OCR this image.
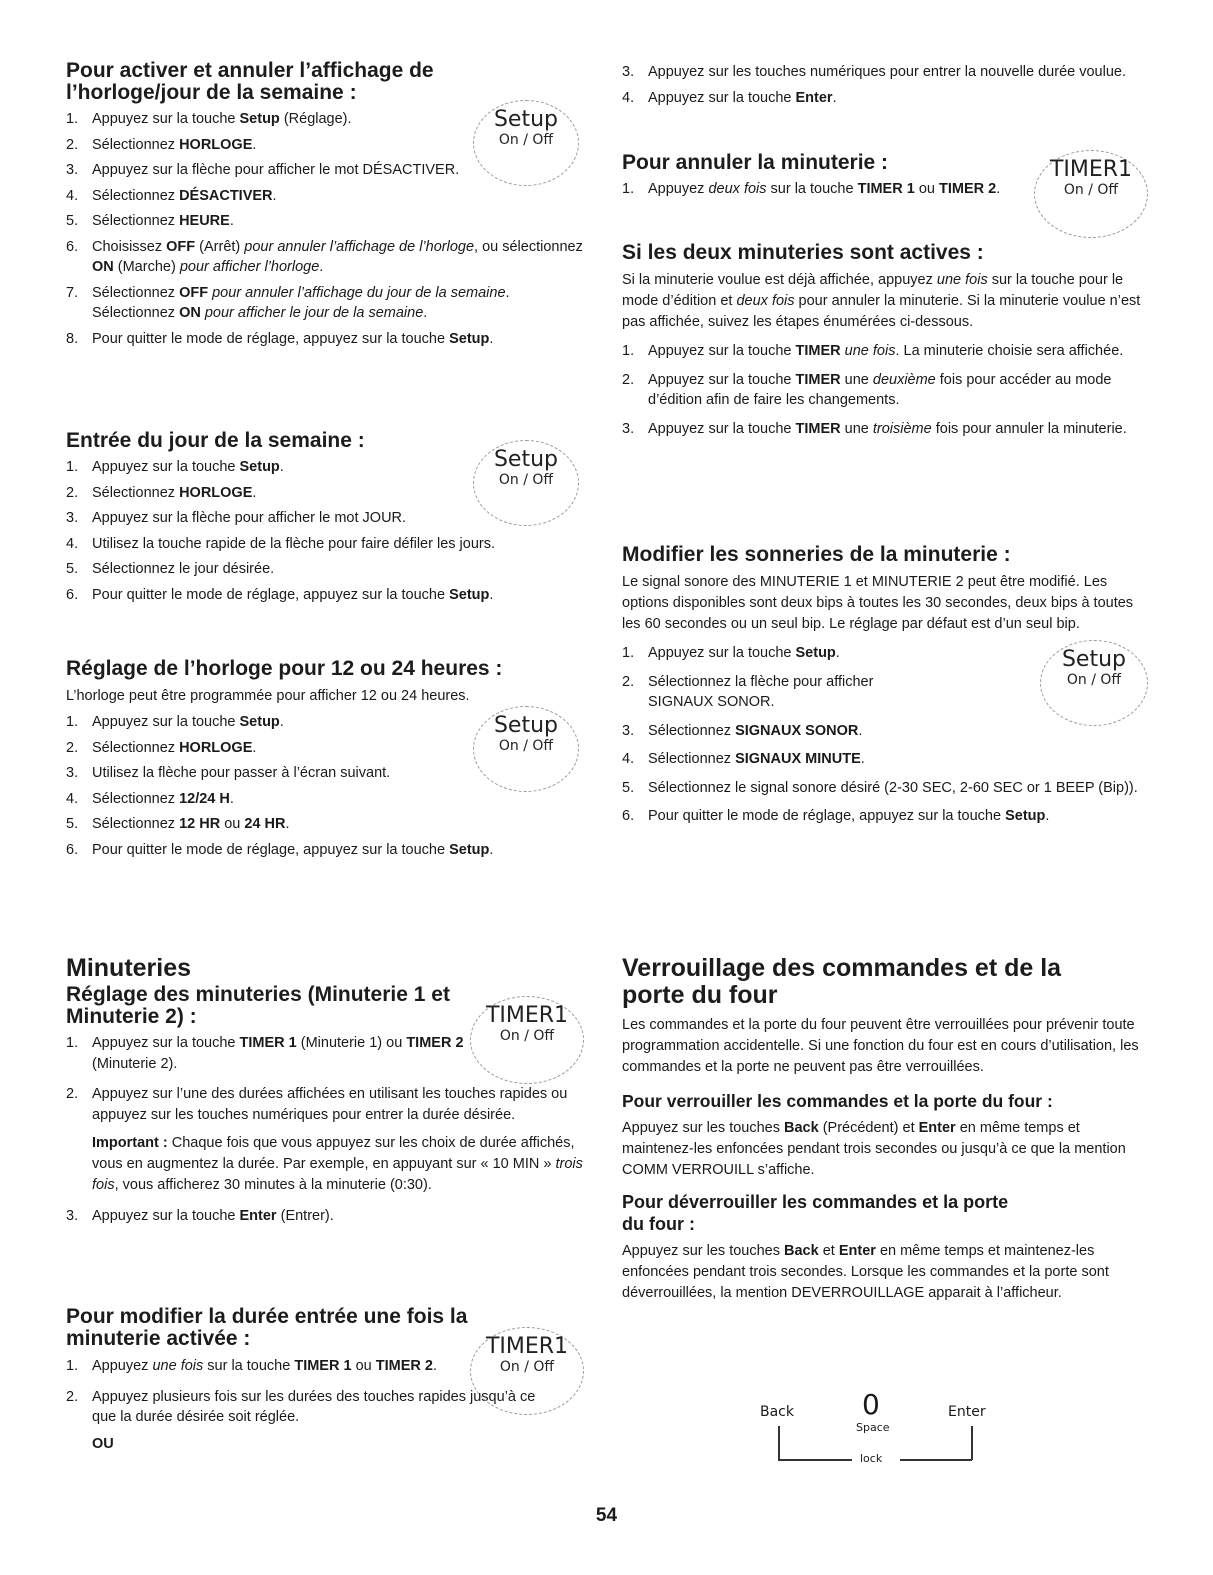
Pour activer et annuler l’affichage de
l’horloge/jour de la semaine :
1. Appuyez sur la touche Setup (Réglage).
2. Sélectionnez HORLOGE.
3. Appuyez sur la flèche pour afficher le mot DÉSACTIVER.
4. Sélectionnez DÉSACTIVER.
5. Sélectionnez HEURE.
6. Choisissez OFF (Arrêt) pour annuler l’affichage de l’horloge, ou sélectionnez ON (Marche) pour afficher l’horloge.
7. Sélectionnez OFF pour annuler l’affichage du jour de la semaine. Sélectionnez ON pour afficher le jour de la semaine.
8. Pour quitter le mode de réglage, appuyez sur la touche Setup.
Entrée du jour de la semaine :
1. Appuyez sur la touche Setup.
2. Sélectionnez HORLOGE.
3. Appuyez sur la flèche pour afficher le mot JOUR.
4. Utilisez la touche rapide de la flèche pour faire défiler les jours.
5. Sélectionnez le jour désirée.
6. Pour quitter le mode de réglage, appuyez sur la touche Setup.
Réglage de l’horloge pour 12 ou 24 heures :

L’horloge peut être programmée pour afficher 12 ou 24 heures.

1. Appuyez sur la touche Setup.
2. Sélectionnez HORLOGE.
3. Utilisez la flèche pour passer à l’écran suivant.
4. Sélectionnez 12/24 H.
5. Sélectionnez 12 HR ou 24 HR.
6. Pour quitter le mode de réglage, appuyez sur la touche Setup.
Minuteries
Réglage des minuteries (Minuterie 1 et
Minuterie 2) :
1. Appuyez sur la touche TIMER 1 (Minuterie 1) ou TIMER 2 (Minuterie 2).
2. Appuyez sur l’une des durées affichées en utilisant les touches rapides ou appuyez sur les touches numériques pour entrer la durée désirée.

Important : Chaque fois que vous appuyez sur les choix de durée affichés, vous en augmentez la durée. Par exemple, en appuyant sur « 10 MIN » trois fois, vous afficherez 30 minutes à la minuterie (0:30).

3. Appuyez sur la touche Enter (Entrer).
Pour modifier la durée entrée une fois la
minuterie activée :
1. Appuyez une fois sur la touche TIMER 1 ou TIMER 2.
2. Appuyez plusieurs fois sur les durées des touches rapides jusqu’à ce que la durée désirée soit réglée.

OU

Setup
On / Off
Setup
On / Off
Setup
On / Off
TIMER1
On / Off
TIMER1
On / Off
3. Appuyez sur les touches numériques pour entrer la nouvelle durée voulue.
4. Appuyez sur la touche Enter.
Pour annuler la minuterie :
1. Appuyez deux fois sur la touche TIMER 1 ou TIMER 2.
Si les deux minuteries sont actives :

Si la minuterie voulue est déjà affichée, appuyez une fois sur la touche pour le mode d’édition et deux fois pour annuler la minuterie. Si la minuterie voulue n’est pas affichée, suivez les étapes énumérées ci-dessous.

1. Appuyez sur la touche TIMER une fois. La minuterie choisie sera affichée.
2. Appuyez sur la touche TIMER une deuxième fois pour accéder au mode d’édition afin de faire les changements.
3. Appuyez sur la touche TIMER une troisième fois pour annuler la minuterie.
Modifier les sonneries de la minuterie :

Le signal sonore des MINUTERIE 1 et MINUTERIE 2 peut être modifié. Les options disponibles sont deux bips à toutes les 30 secondes, deux bips à toutes les 60 secondes ou un seul bip. Le réglage par défaut est d’un seul bip.

1. Appuyez sur la touche Setup.
2. Sélectionnez la flèche pour afficher SIGNAUX SONOR.
3. Sélectionnez SIGNAUX SONOR.
4. Sélectionnez SIGNAUX MINUTE.
5. Sélectionnez le signal sonore désiré (2-30 SEC, 2-60 SEC or 1 BEEP (Bip)).
6. Pour quitter le mode de réglage, appuyez sur la touche Setup.
Verrouillage des commandes et de la
porte du four

Les commandes et la porte du four peuvent être verrouillées pour prévenir toute programmation accidentelle. Si une fonction du four est en cours d’utilisation, les commandes et la porte ne peuvent pas être verrouillées.

Pour verrouiller les commandes et la porte du four :

Appuyez sur les touches Back (Précédent) et Enter en même temps et maintenez-les enfoncées pendant trois secondes ou jusqu’à ce que la mention COMM VERROUILL s’affiche.

Pour déverrouiller les commandes et la porte
du four :

Appuyez sur les touches Back et Enter en même temps et maintenez-les enfoncées pendant trois secondes. Lorsque les commandes et la porte sont déverrouillées, la mention DEVERROUILLAGE apparait à l’afficheur.

TIMER1
On / Off
Setup
On / Off
Back 0
Space
Enter
lock
54
